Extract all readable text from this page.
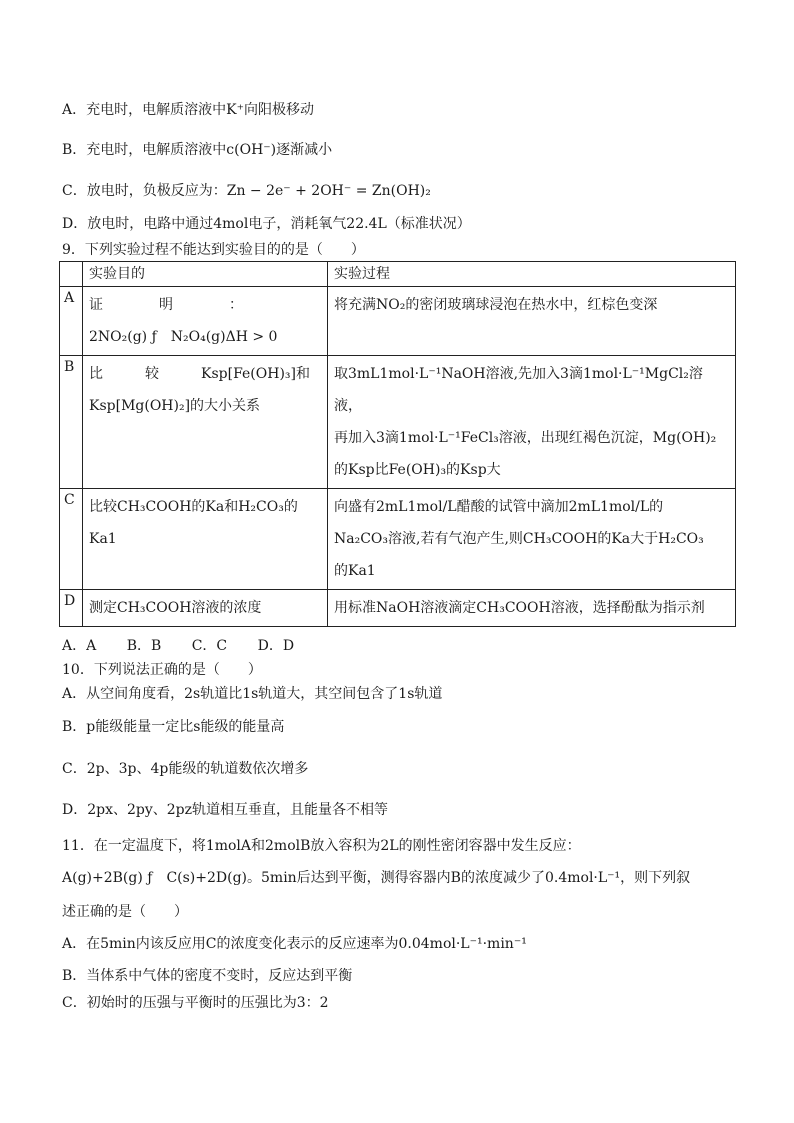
A．充电时，电解质溶液中K⁺向阳极移动
B．充电时，电解质溶液中c(OH⁻)逐渐减小
C．放电时，负极反应为：Zn − 2e⁻ + 2OH⁻ = Zn(OH)₂
D．放电时，电路中通过4mol电子，消耗氧气22.4L（标准状况）
9．下列实验过程不能达到实验目的的是（　　）
	实验目的	实验过程
A	证　　　　明　　　　：
2NO₂(g) ƒ　N₂O₄(g)ΔH > 0	将充满NO₂的密闭玻璃球浸泡在热水中，红棕色变深

B	比　　　较　　　Ksp[Fe(OH)₃]和
Ksp[Mg(OH)₂]的大小关系	取3mL1mol·L⁻¹NaOH溶液,先加入3滴1mol·L⁻¹MgCl₂溶液，
再加入3滴1mol·L⁻¹FeCl₃溶液，出现红褐色沉淀，Mg(OH)₂
的Ksp比Fe(OH)₃的Ksp大

C	比较CH₃COOH的Ka和H₂CO₃的
Ka1	向盛有2mL1mol/L醋酸的试管中滴加2mL1mol/L的
Na₂CO₃溶液,若有气泡产生,则CH₃COOH的Ka大于H₂CO₃
的Ka1

D	测定CH₃COOH溶液的浓度	用标准NaOH溶液滴定CH₃COOH溶液，选择酚酞为指示剂
A．A B．B C．C D．D
10．下列说法正确的是（　　）
A．从空间角度看，2s轨道比1s轨道大，其空间包含了1s轨道
B．p能级能量一定比s能级的能量高
C．2p、3p、4p能级的轨道数依次增多
D．2px、2py、2pz轨道相互垂直，且能量各不相等
11．在一定温度下，将1molA和2molB放入容积为2L的刚性密闭容器中发生反应：
A(g)+2B(g) ƒ　C(s)+2D(g)。5min后达到平衡，测得容器内B的浓度减少了0.4mol·L⁻¹，则下列叙
述正确的是（　　）
A．在5min内该反应用C的浓度变化表示的反应速率为0.04mol·L⁻¹·min⁻¹
B．当体系中气体的密度不变时，反应达到平衡
C．初始时的压强与平衡时的压强比为3：2
